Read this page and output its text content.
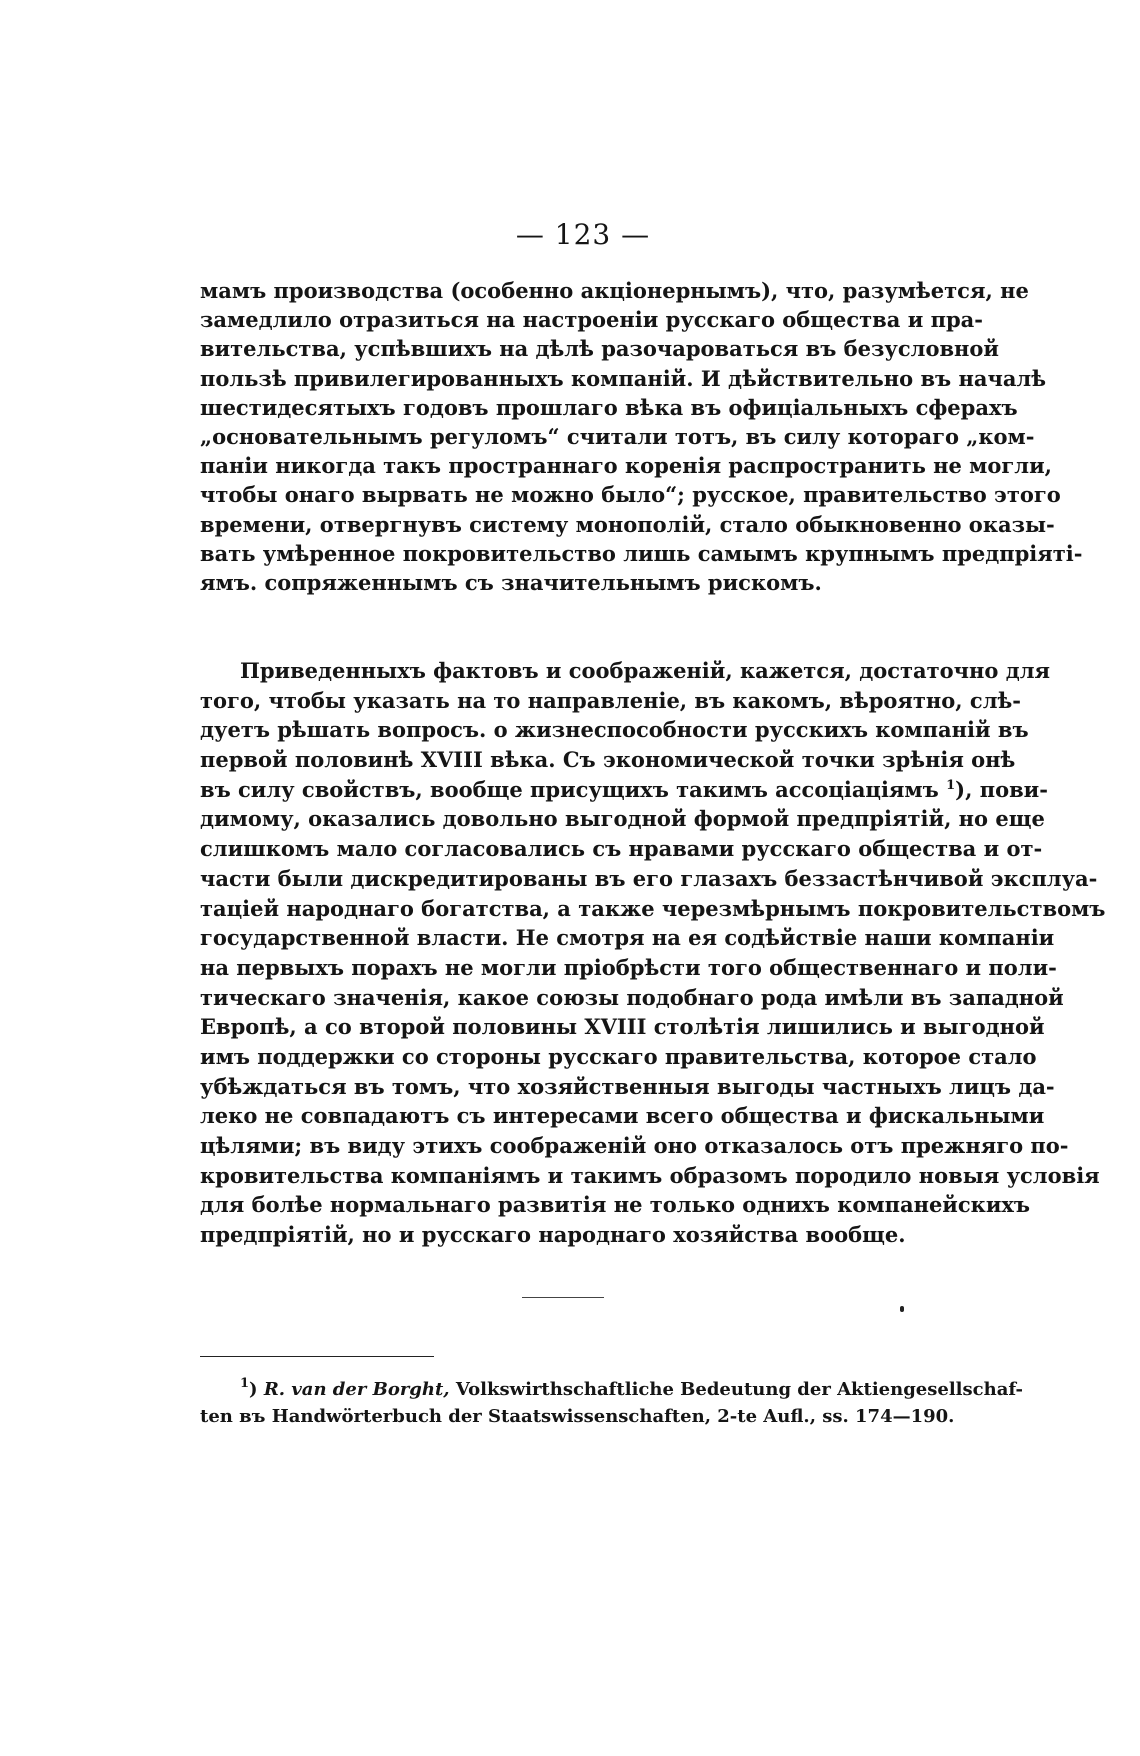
— 123 —
мамъ производства (особенно акціонернымъ), что, разумѣется, не
замедлило отразиться на настроеніи русскаго общества и пра-
вительства, успѣвшихъ на дѣлѣ разочароваться въ безусловной
пользѣ привилегированныхъ компаній. И дѣйствительно въ началѣ
шестидесятыхъ годовъ прошлаго вѣка въ офиціальныхъ сферахъ
„основательнымъ регуломъ“ считали тотъ, въ силу котораго „ком-
паніи никогда такъ пространнаго коренія распространить не могли,
чтобы онаго вырвать не можно было“; русское, правительство этого
времени, отвергнувъ систему монополій, стало обыкновенно оказы-
вать умѣренное покровительство лишь самымъ крупнымъ предпріяті-
ямъ. сопряженнымъ съ значительнымъ рискомъ.
Приведенныхъ фактовъ и соображеній, кажется, достаточно для
того, чтобы указать на то направленіе, въ какомъ, вѣроятно, слѣ-
дуетъ рѣшать вопросъ. о жизнеспособности русскихъ компаній въ
первой половинѣ XVIII вѣка. Съ экономической точки зрѣнія онѣ
въ силу свойствъ, вообще присущихъ такимъ ассоціаціямъ $^1$), пови-
димому, оказались довольно выгодной формой предпріятій, но еще
слишкомъ мало согласовались съ нравами русскаго общества и от-
части были дискредитированы въ его глазахъ беззастѣнчивой эксплуа-
таціей народнаго богатства, а также черезмѣрнымъ покровительствомъ
государственной власти. Не смотря на ея содѣйствіе наши компаніи
на первыхъ порахъ не могли пріобрѣсти того общественнаго и поли-
тическаго значенія, какое союзы подобнаго рода имѣли въ западной
Европѣ, а со второй половины XVIII столѣтія лишились и выгодной
имъ поддержки со стороны русскаго правительства, которое стало
убѣждаться въ томъ, что хозяйственныя выгоды частныхъ лицъ да-
леко не совпадаютъ съ интересами всего общества и фискальными
цѣлями; въ виду этихъ соображеній оно отказалось отъ прежняго по-
кровительства компаніямъ и такимъ образомъ породило новыя условія
для болѣе нормальнаго развитія не только однихъ компанейскихъ
предпріятій, но и русскаго народнаго хозяйства вообще.
$^1$) R. van der Borght, Volkswirthschaftliche Bedeutung der Aktiengesellschaf-
ten въ Handwörterbuch der Staatswissenschaften, 2-te Aufl., ss. 174—190.
